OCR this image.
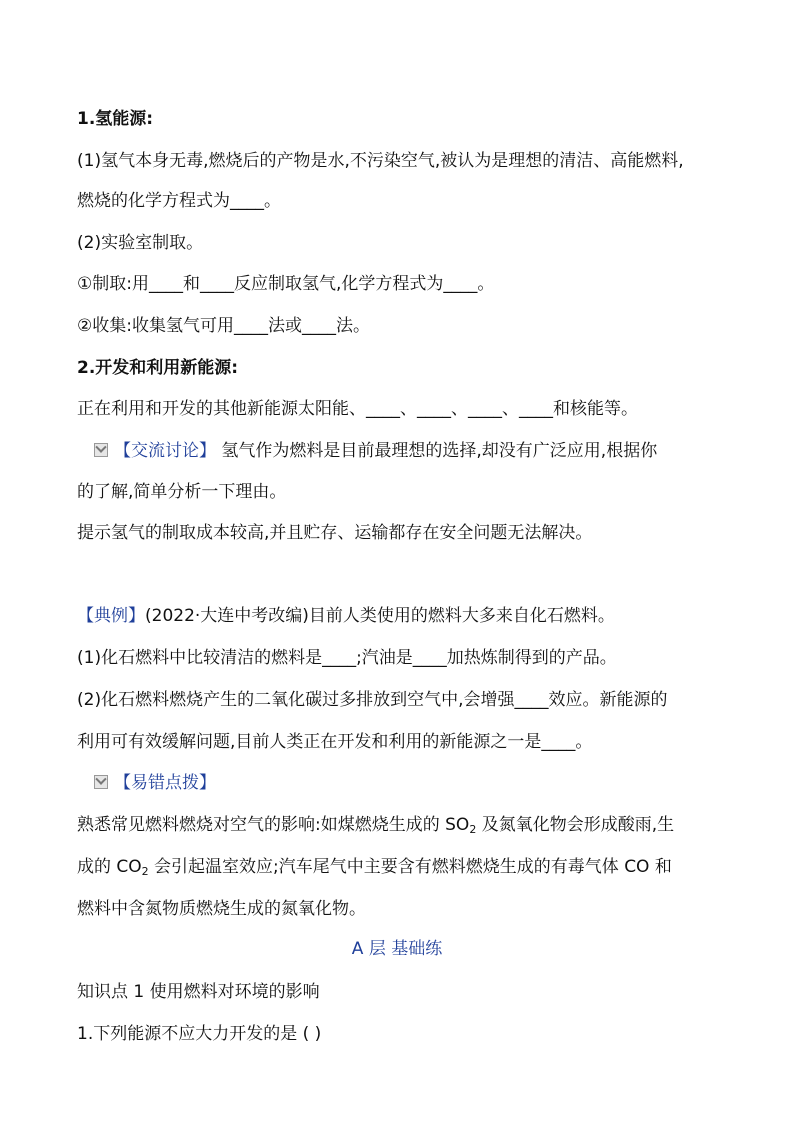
1.氢能源:
(1)氢气本身无毒,燃烧后的产物是水,不污染空气,被认为是理想的清洁、高能燃料,
燃烧的化学方程式为____。
(2)实验室制取。
①制取:用____和____反应制取氢气,化学方程式为____。
②收集:收集氢气可用____法或____法。
2.开发和利用新能源:
正在利用和开发的其他新能源太阳能、____、____、____、____和核能等。
【交流讨论】 氢气作为燃料是目前最理想的选择,却没有广泛应用,根据你
的了解,简单分析一下理由。
提示氢气的制取成本较高,并且贮存、运输都存在安全问题无法解决。
【典例】(2022·大连中考改编)目前人类使用的燃料大多来自化石燃料。
(1)化石燃料中比较清洁的燃料是____;汽油是____加热炼制得到的产品。
(2)化石燃料燃烧产生的二氧化碳过多排放到空气中,会增强____效应。新能源的
利用可有效缓解问题,目前人类正在开发和利用的新能源之一是____。
【易错点拨】
熟悉常见燃料燃烧对空气的影响:如煤燃烧生成的 $SO_2$ 及氮氧化物会形成酸雨,生
成的 $CO_2$ 会引起温室效应;汽车尾气中主要含有燃料燃烧生成的有毒气体 CO 和
燃料中含氮物质燃烧生成的氮氧化物。
A 层 基础练
知识点 1 使用燃料对环境的影响
1.下列能源不应大力开发的是 ( )
